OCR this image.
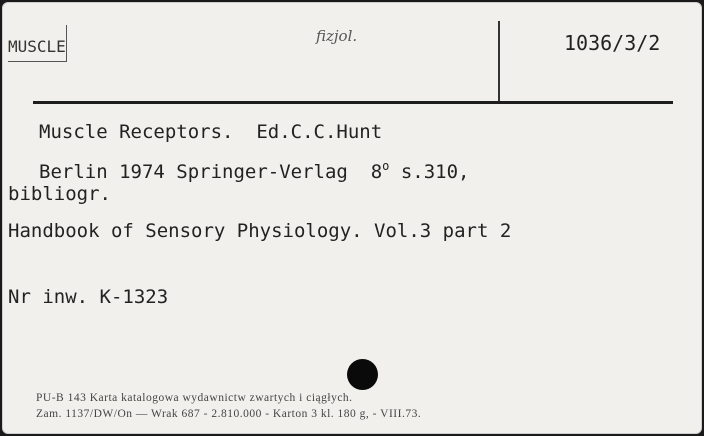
MUSCLE
fizjol.	1036/3/2
Muscle Receptors.  Ed.C.C.Hunt
Berlin 1974 Springer-Verlag  8$^o$ s.310,
bibliogr.
Handbook of Sensory Physiology. Vol.3 part 2
Nr inw. K-1323
PU-B 143 Karta katalogowa wydawnictw zwartych i ciągłych.
Zam. 1137/DW/On — Wrak 687 - 2.810.000 - Karton 3 kl. 180 g, - VIII.73.
